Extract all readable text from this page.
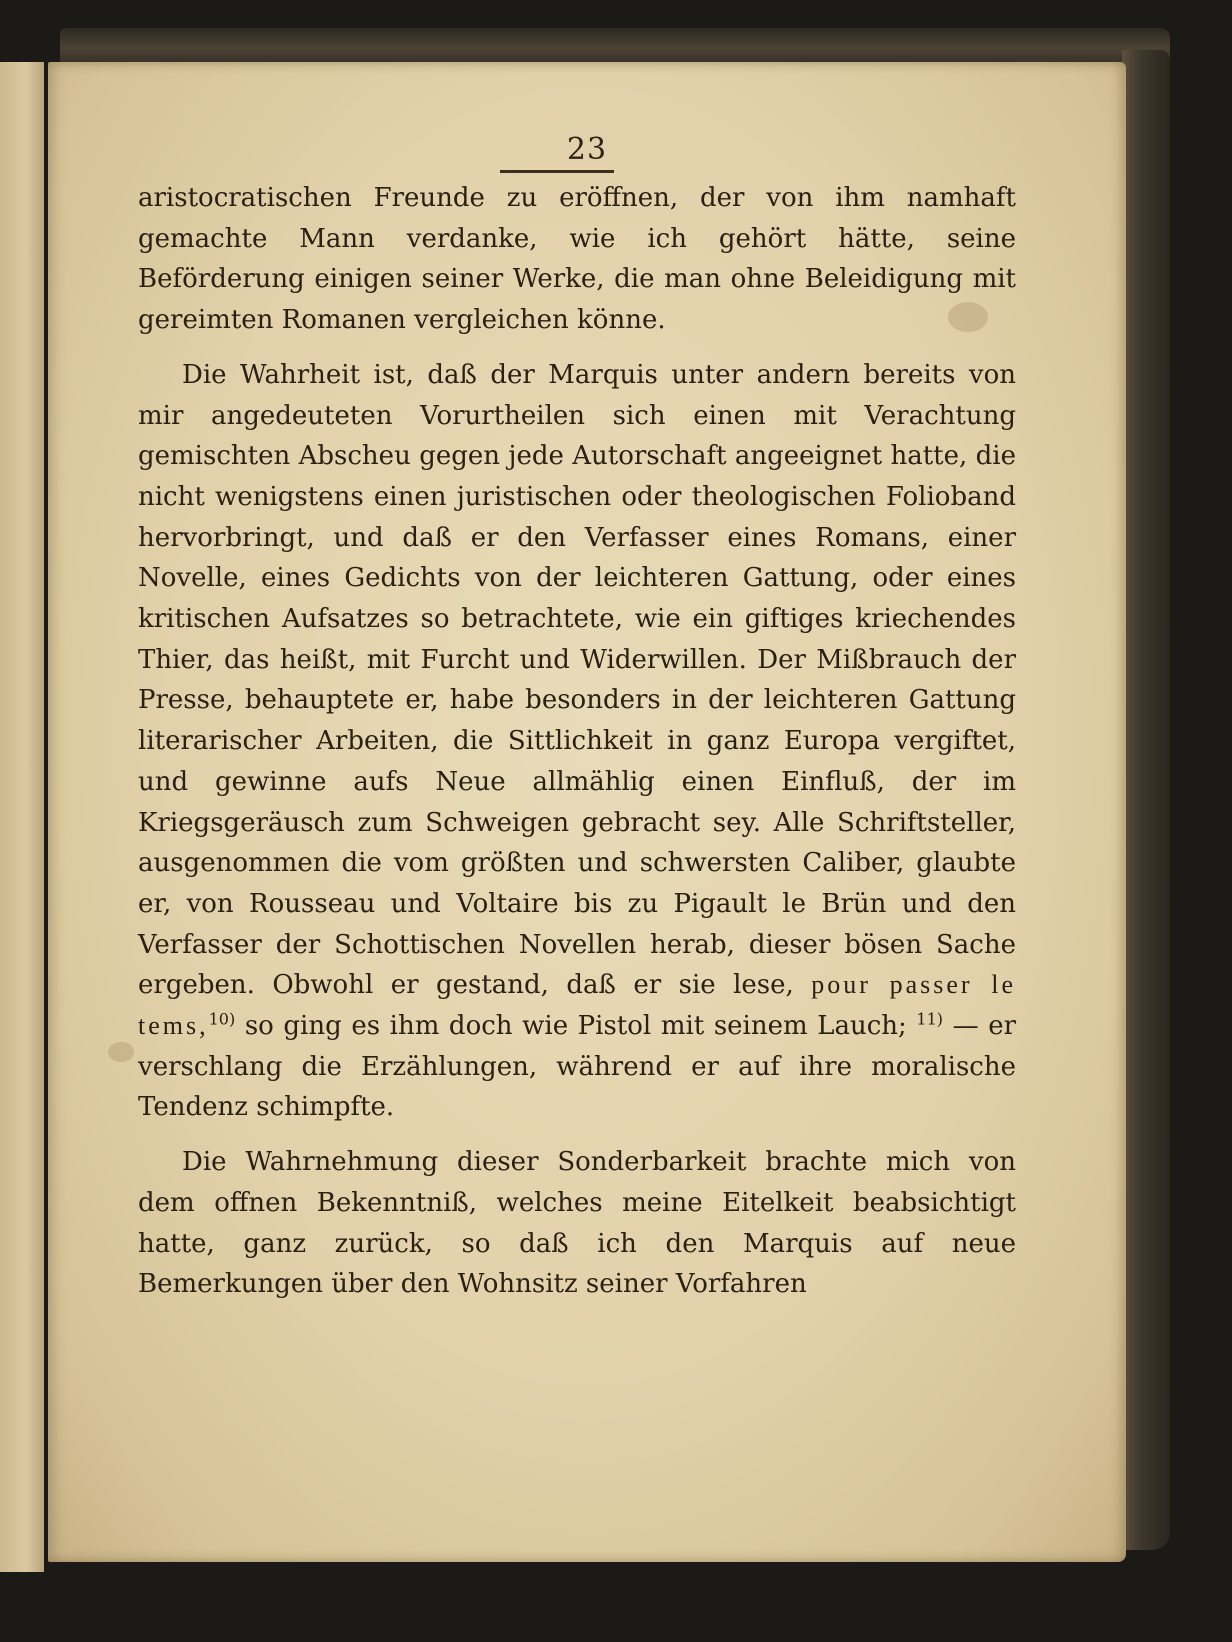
23

aristocratischen Freunde zu eröffnen, der von ihm namhaft gemachte Mann verdanke, wie ich gehört hätte, seine Beförderung einigen seiner Werke, die man ohne Beleidigung mit gereimten Romanen vergleichen könne.

Die Wahrheit ist, daß der Marquis unter andern bereits von mir angedeuteten Vorurtheilen sich einen mit Verachtung gemischten Abscheu gegen jede Autorschaft angeeignet hatte, die nicht wenigstens einen juristischen oder theologischen Folioband hervorbringt, und daß er den Verfasser eines Romans, einer Novelle, eines Gedichts von der leichteren Gattung, oder eines kritischen Aufsatzes so betrachtete, wie ein giftiges kriechendes Thier, das heißt, mit Furcht und Widerwillen. Der Mißbrauch der Presse, behauptete er, habe besonders in der leichteren Gattung literarischer Arbeiten, die Sittlichkeit in ganz Europa vergiftet, und gewinne aufs Neue allmählig einen Einfluß, der im Kriegsgeräusch zum Schweigen gebracht sey. Alle Schriftsteller, ausgenommen die vom größten und schwersten Caliber, glaubte er, von Rousseau und Voltaire bis zu Pigault le Brün und den Verfasser der Schottischen Novellen herab, dieser bösen Sache ergeben. Obwohl er gestand, daß er sie lese, pour passer le tems,$^{10)}$ so ging es ihm doch wie Pistol mit seinem Lauch; $^{11)}$ — er verschlang die Erzählungen, während er auf ihre moralische Tendenz schimpfte.

Die Wahrnehmung dieser Sonderbarkeit brachte mich von dem offnen Bekenntniß, welches meine Eitelkeit beabsichtigt hatte, ganz zurück, so daß ich den Marquis auf neue Bemerkungen über den Wohnsitz seiner Vorfahren
